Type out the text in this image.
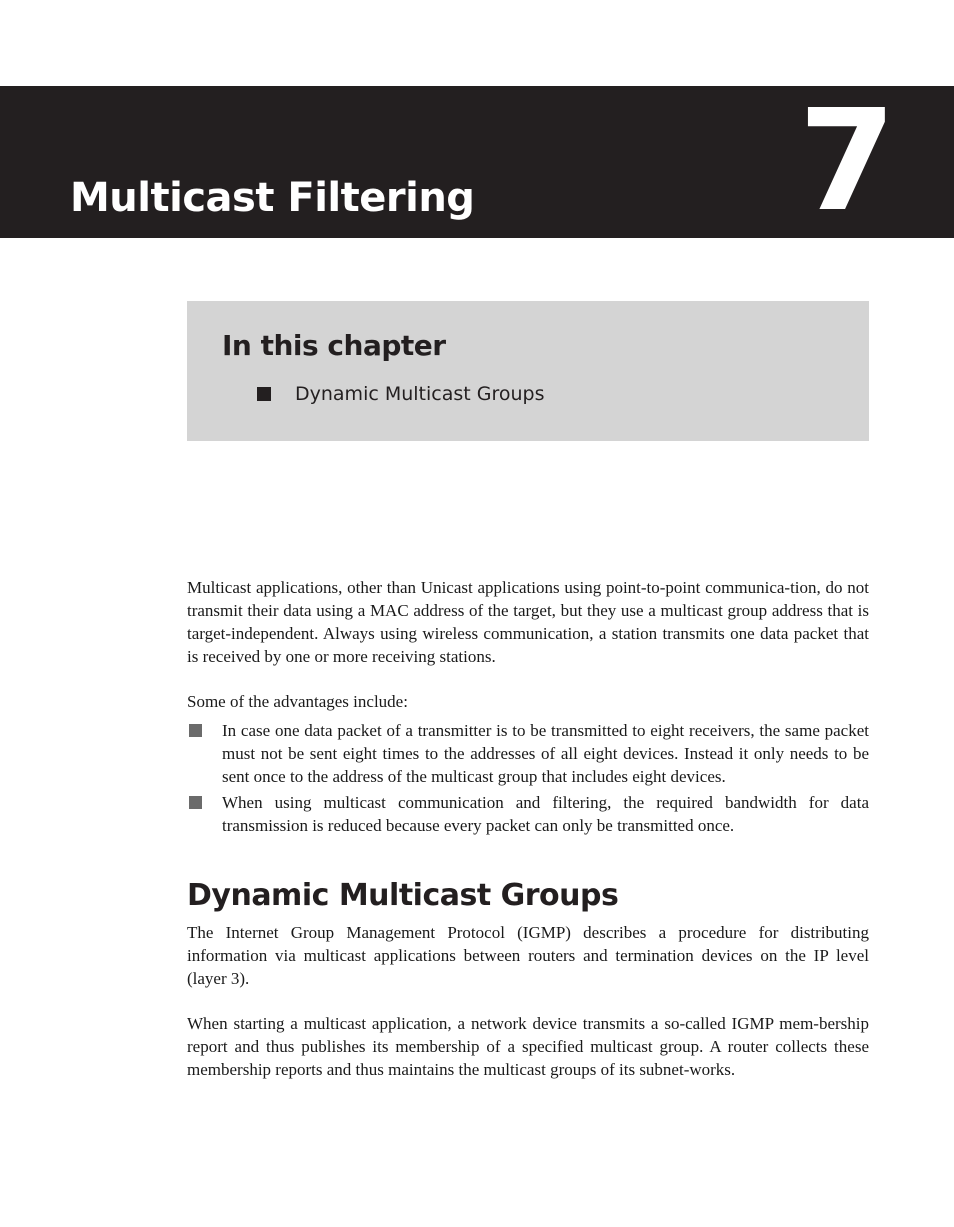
Multicast Filtering 7
In this chapter
Dynamic Multicast Groups

Multicast applications, other than Unicast applications using point-to-point communica-tion, do not transmit their data using a MAC address of the target, but they use a multicast group address that is target-independent. Always using wireless communication, a station transmits one data packet that is received by one or more receiving stations.

Some of the advantages include:

In case one data packet of a transmitter is to be transmitted to eight receivers, the same packet must not be sent eight times to the addresses of all eight devices. Instead it only needs to be sent once to the address of the multicast group that includes eight devices.
When using multicast communication and filtering, the required bandwidth for data transmission is reduced because every packet can only be transmitted once.
Dynamic Multicast Groups

The Internet Group Management Protocol (IGMP) describes a procedure for distributing information via multicast applications between routers and termination devices on the IP level (layer 3).

When starting a multicast application, a network device transmits a so-called IGMP mem-bership report and thus publishes its membership of a specified multicast group. A router collects these membership reports and thus maintains the multicast groups of its subnet-works.
